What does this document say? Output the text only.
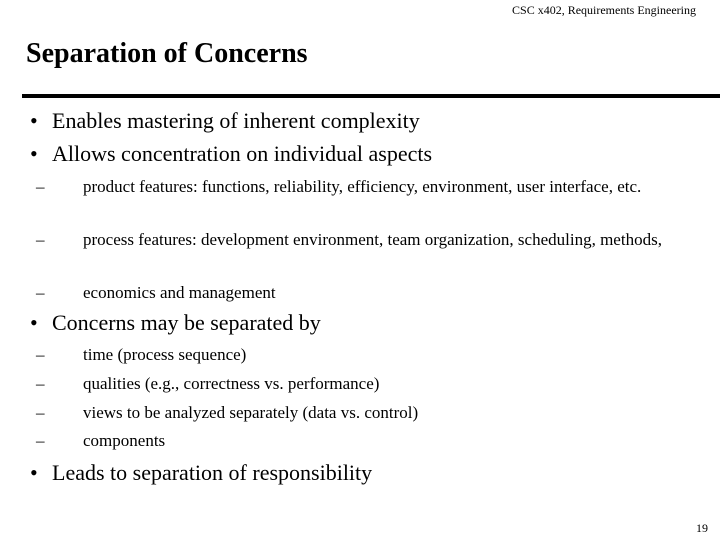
CSC x402, Requirements Engineering
Separation of Concerns
• Enables mastering of inherent complexity
• Allows concentration on individual aspects
–	product features: functions, reliability, efficiency, environment, user interface, etc.
–	process features: development environment, team organization, scheduling, methods,
–	economics and management
• Concerns may be separated by
–	time (process sequence)
–	qualities (e.g., correctness vs. performance)
–	views to be analyzed separately (data vs. control)
–	components
• Leads to separation of responsibility
19
